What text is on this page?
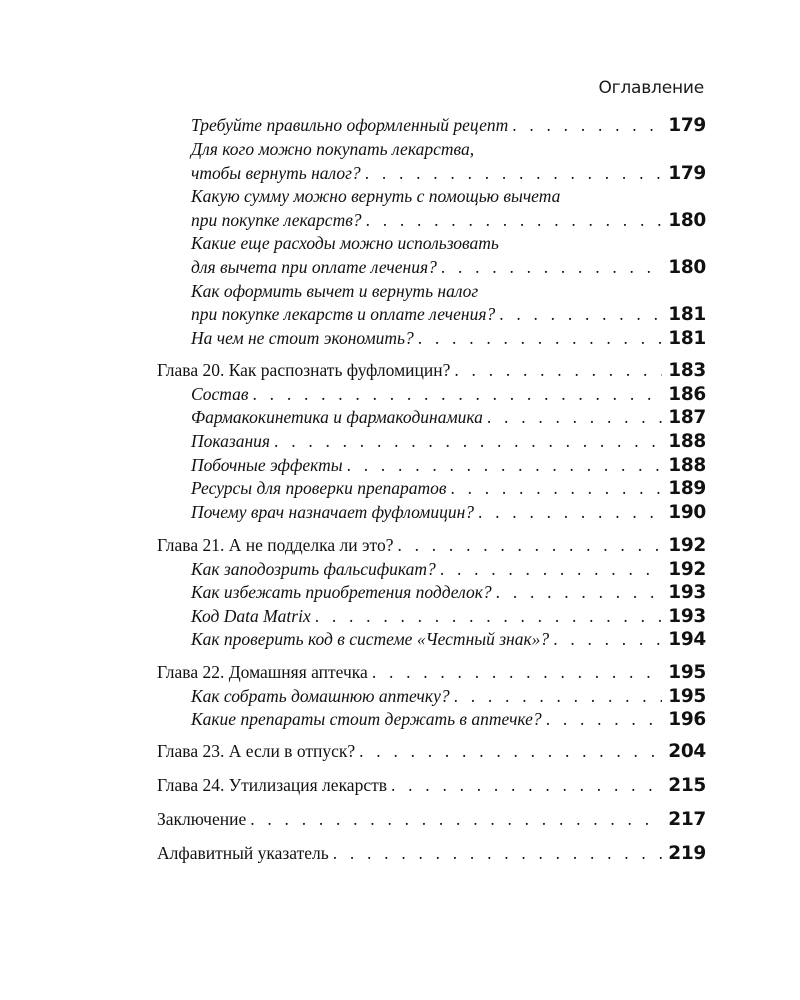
Оглавление
Требуйте правильно оформленный рецепт . . .	179
Для кого можно покупать лекарства,
чтобы вернуть налог? . . .	179
Какую сумму можно вернуть с помощью вычета
при покупке лекарств? . . .	180
Какие еще расходы можно использовать
для вычета при оплате лечения? . . .	180
Как оформить вычет и вернуть налог
при покупке лекарств и оплате лечения? . . .	181
На чем не стоит экономить? . . .	181
Глава 20. Как распознать фуфломицин? . . .	183
Состав . . .	186
Фармакокинетика и фармакодинамика . . .	187
Показания . . .	188
Побочные эффекты . . .	188
Ресурсы для проверки препаратов . . .	189
Почему врач назначает фуфломицин? . . .	190
Глава 21. А не подделка ли это? . . .	192
Как заподозрить фальсификат? . . .	192
Как избежать приобретения подделок? . . .	193
Код Data Matrix . . .	193
Как проверить код в системе «Честный знак»? . . .	194
Глава 22. Домашняя аптечка . . .	195
Как собрать домашнюю аптечку? . . .	195
Какие препараты стоит держать в аптечке? . . .	196
Глава 23. А если в отпуск? . . .	204
Глава 24. Утилизация лекарств . . .	215
Заключение . . .	217
Алфавитный указатель . . .	219
